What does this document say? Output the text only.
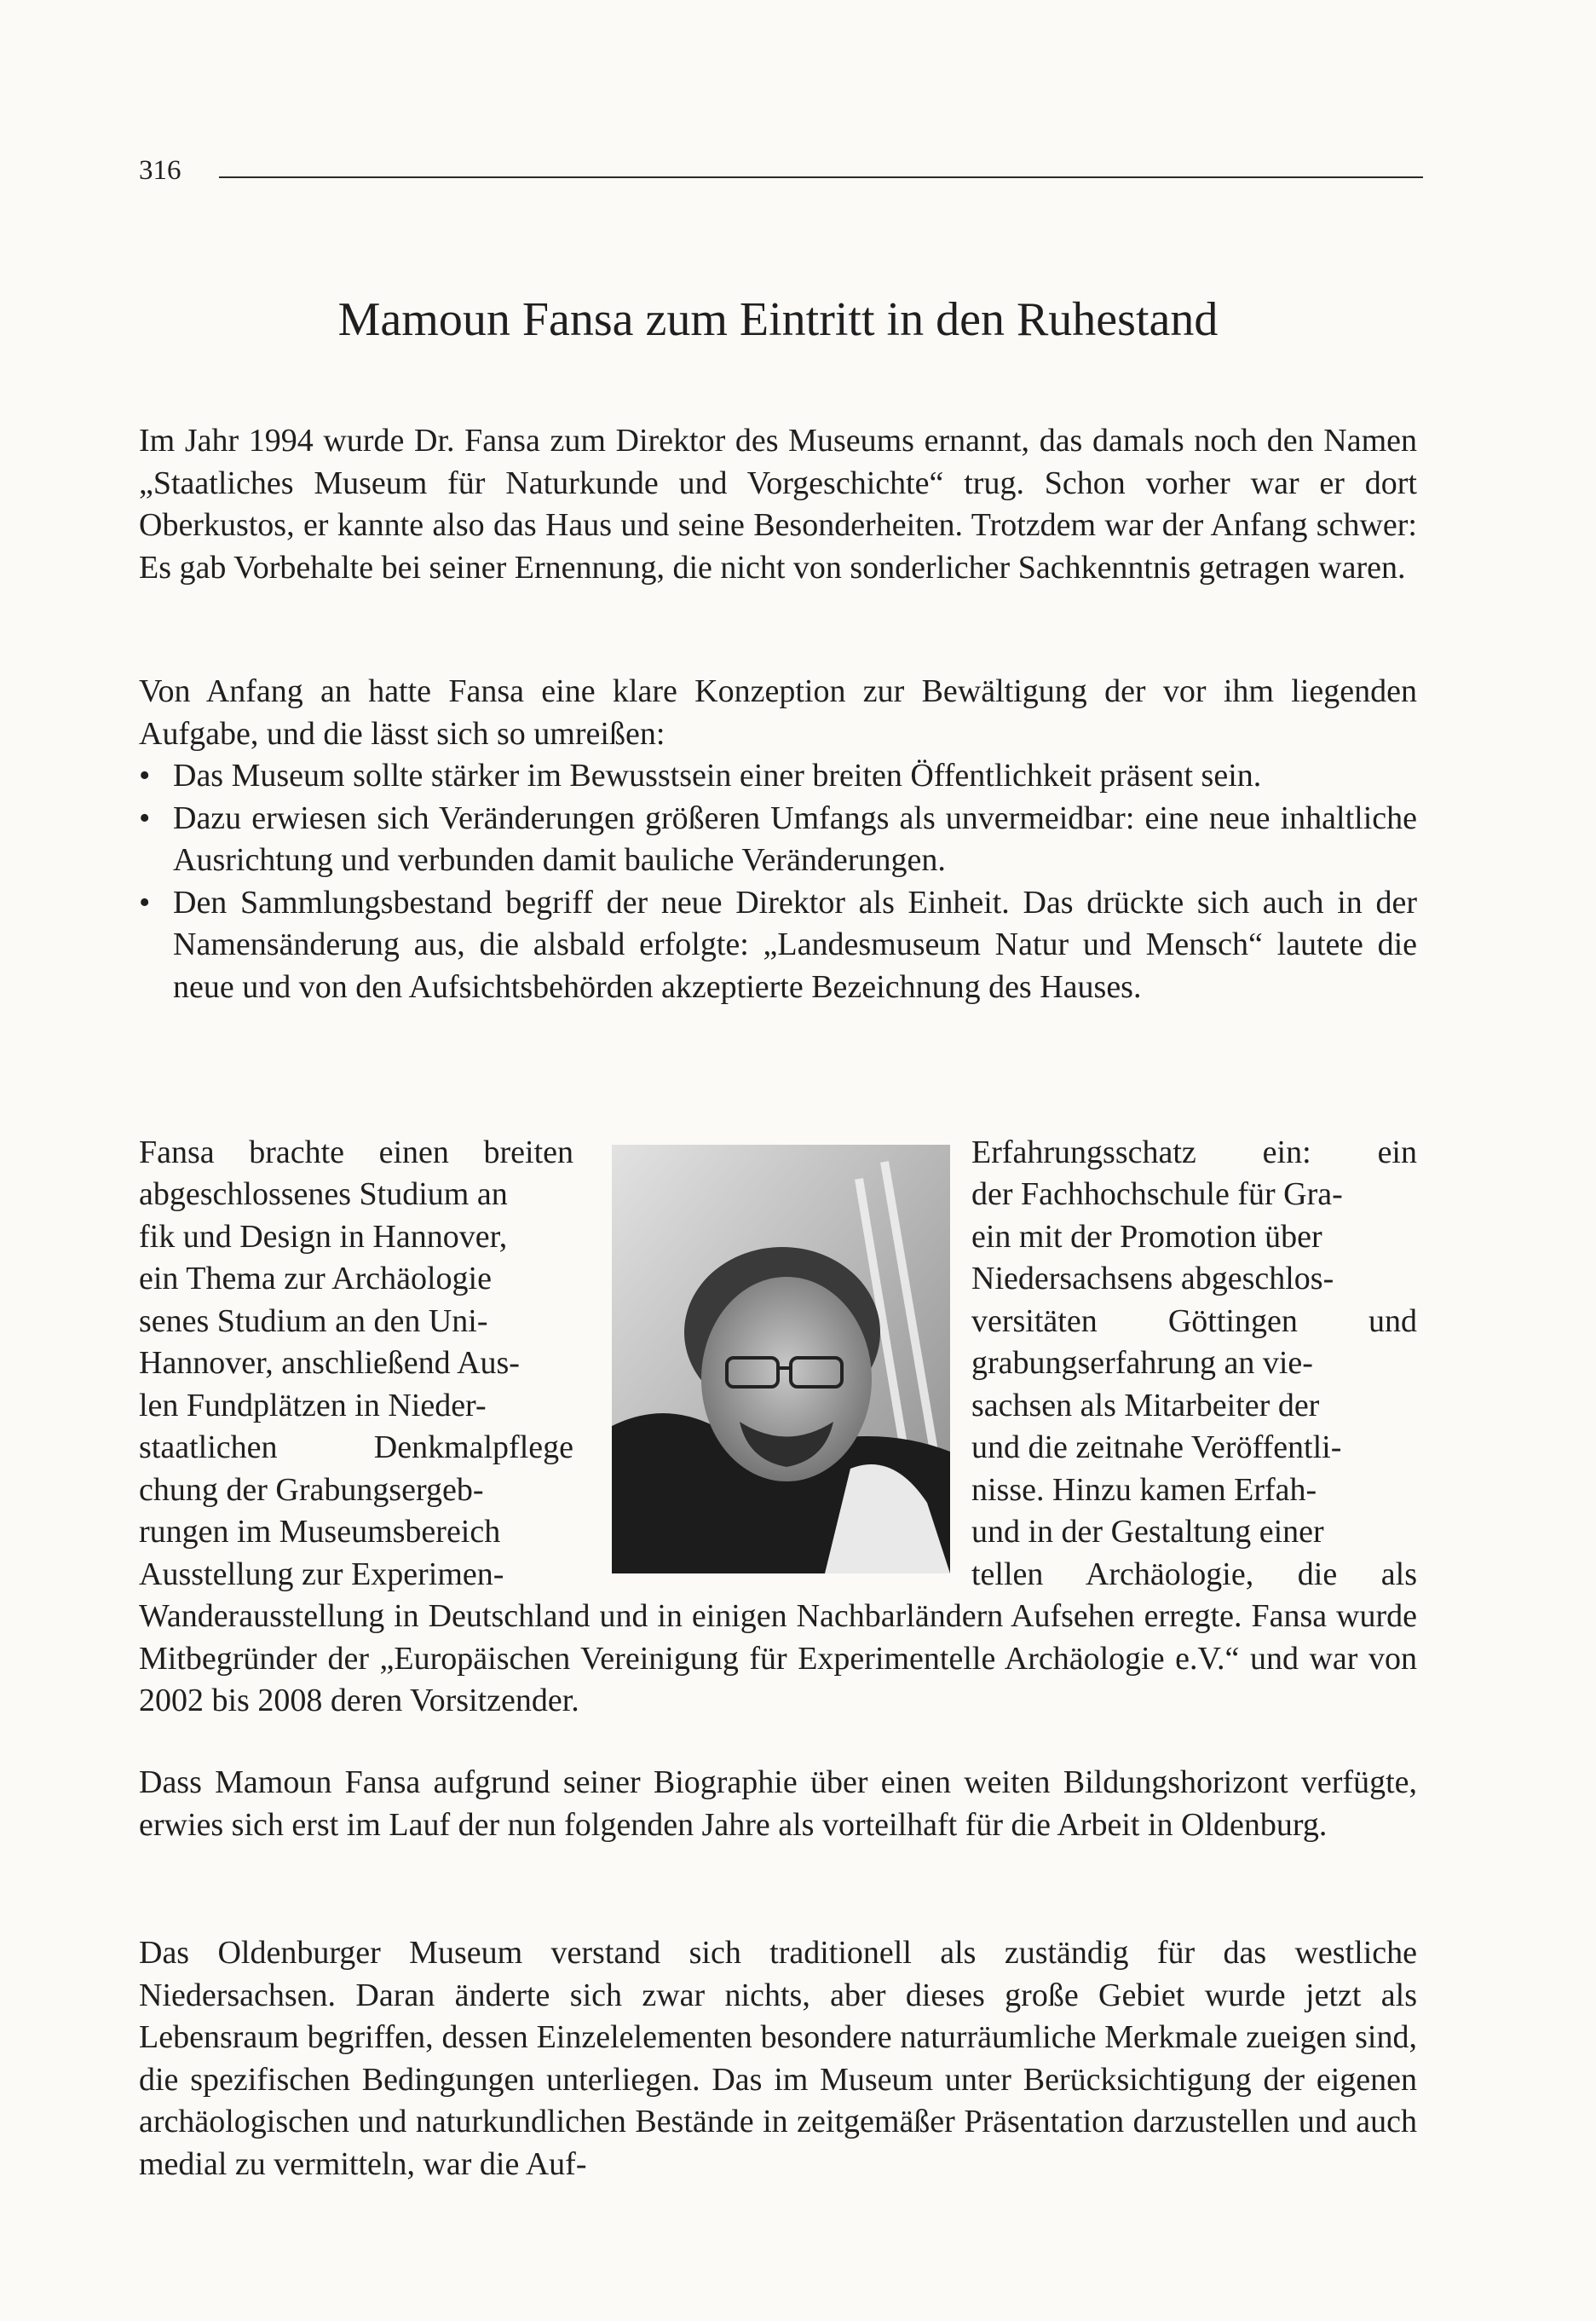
316
Mamoun Fansa zum Eintritt in den Ruhestand

Im Jahr 1994 wurde Dr. Fansa zum Direktor des Museums ernannt, das damals noch den Namen „Staatliches Museum für Naturkunde und Vorgeschichte“ trug. Schon vorher war er dort Oberkustos, er kannte also das Haus und seine Besonderheiten. Trotzdem war der Anfang schwer: Es gab Vorbehalte bei seiner Ernennung, die nicht von sonderlicher Sachkenntnis getragen waren.

Von Anfang an hatte Fansa eine klare Konzeption zur Bewältigung der vor ihm liegenden Aufgabe, und die lässt sich so umreißen:

• Das Museum sollte stärker im Bewusstsein einer breiten Öffentlichkeit präsent sein.
• Dazu erwiesen sich Veränderungen größeren Umfangs als unvermeidbar: eine neue inhaltliche Ausrichtung und verbunden damit bauliche Veränderungen.
• Den Sammlungsbestand begriff der neue Direktor als Einheit. Das drückte sich auch in der Namensänderung aus, die alsbald erfolgte: „Landesmuseum Natur und Mensch“ lautete die neue und von den Aufsichtsbehörden akzeptierte Bezeichnung des Hauses.
Fansa brachte einen breiten
abgeschlossenes Studium an
fik und Design in Hannover,
ein Thema zur Archäologie
senes Studium an den Uni-
Hannover, anschließend Aus-
len Fundplätzen in Nieder-
staatlichen Denkmalpflege
chung der Grabungsergeb-
rungen im Museumsbereich
Ausstellung zur Experimen-
Erfahrungsschatz ein: ein
der Fachhochschule für Gra-
ein mit der Promotion über
Niedersachsens abgeschlos-
versitäten Göttingen und
grabungserfahrung an vie-
sachsen als Mitarbeiter der
und die zeitnahe Veröffentli-
nisse. Hinzu kamen Erfah-
und in der Gestaltung einer
tellen Archäologie, die als

Wanderausstellung in Deutschland und in einigen Nachbarländern Aufsehen erregte. Fansa wurde Mitbegründer der „Europäischen Vereinigung für Experimentelle Archäologie e.V.“ und war von 2002 bis 2008 deren Vorsitzender.

Dass Mamoun Fansa aufgrund seiner Biographie über einen weiten Bildungshorizont verfügte, erwies sich erst im Lauf der nun folgenden Jahre als vorteilhaft für die Arbeit in Oldenburg.

Das Oldenburger Museum verstand sich traditionell als zuständig für das westliche Niedersachsen. Daran änderte sich zwar nichts, aber dieses große Gebiet wurde jetzt als Lebensraum begriffen, dessen Einzelelementen besondere naturräumliche Merkmale zueigen sind, die spezifischen Bedingungen unterliegen. Das im Museum unter Berücksichtigung der eigenen archäologischen und naturkundlichen Bestände in zeitgemäßer Präsentation darzustellen und auch medial zu vermitteln, war die Auf-
